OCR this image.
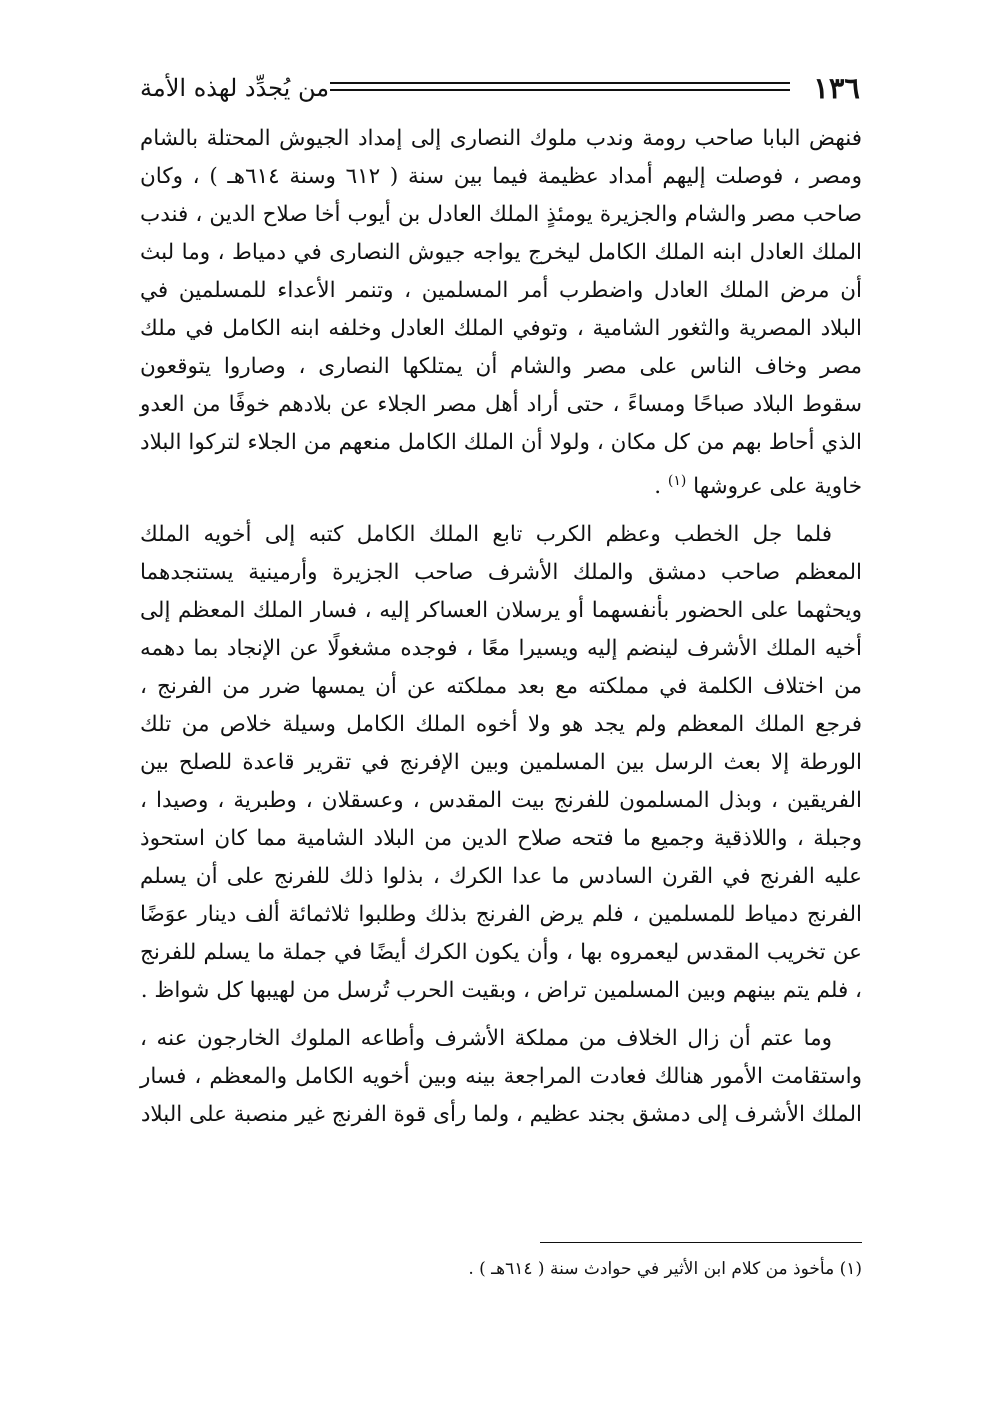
١٣٦
من يُجدِّد لهذه الأمة

فنهض البابا صاحب رومة وندب ملوك النصارى إلى إمداد الجيوش المحتلة بالشام ومصر ، فوصلت إليهم أمداد عظيمة فيما بين سنة ( ٦١٢ وسنة ٦١٤هـ ) ، وكان صاحب مصر والشام والجزيرة يومئذٍ الملك العادل بن أيوب أخا صلاح الدين ، فندب الملك العادل ابنه الملك الكامل ليخرج يواجه جيوش النصارى في دمياط ، وما لبث أن مرض الملك العادل واضطرب أمر المسلمين ، وتنمر الأعداء للمسلمين في البلاد المصرية والثغور الشامية ، وتوفي الملك العادل وخلفه ابنه الكامل في ملك مصر وخاف الناس على مصر والشام أن يمتلكها النصارى ، وصاروا يتوقعون سقوط البلاد صباحًا ومساءً ، حتى أراد أهل مصر الجلاء عن بلادهم خوفًا من العدو الذي أحاط بهم من كل مكان ، ولولا أن الملك الكامل منعهم من الجلاء لتركوا البلاد خاوية على عروشها $^{(١)}$ .

فلما جل الخطب وعظم الكرب تابع الملك الكامل كتبه إلى أخويه الملك المعظم صاحب دمشق والملك الأشرف صاحب الجزيرة وأرمينية يستنجدهما ويحثهما على الحضور بأنفسهما أو يرسلان العساكر إليه ، فسار الملك المعظم إلى أخيه الملك الأشرف لينضم إليه ويسيرا معًا ، فوجده مشغولًا عن الإنجاد بما دهمه من اختلاف الكلمة في مملكته مع بعد مملكته عن أن يمسها ضرر من الفرنج ، فرجع الملك المعظم ولم يجد هو ولا أخوه الملك الكامل وسيلة خلاص من تلك الورطة إلا بعث الرسل بين المسلمين وبين الإفرنج في تقرير قاعدة للصلح بين الفريقين ، وبذل المسلمون للفرنج بيت المقدس ، وعسقلان ، وطبرية ، وصيدا ، وجبلة ، واللاذقية وجميع ما فتحه صلاح الدين من البلاد الشامية مما كان استحوذ عليه الفرنج في القرن السادس ما عدا الكرك ، بذلوا ذلك للفرنج على أن يسلم الفرنج دمياط للمسلمين ، فلم يرض الفرنج بذلك وطلبوا ثلاثمائة ألف دينار عوَضًا عن تخريب المقدس ليعمروه بها ، وأن يكون الكرك أيضًا في جملة ما يسلم للفرنج ، فلم يتم بينهم وبين المسلمين تراض ، وبقيت الحرب تُرسل من لهيبها كل شواظ .

وما عتم أن زال الخلاف من مملكة الأشرف وأطاعه الملوك الخارجون عنه ، واستقامت الأمور هنالك فعادت المراجعة بينه وبين أخويه الكامل والمعظم ، فسار الملك الأشرف إلى دمشق بجند عظيم ، ولما رأى قوة الفرنج غير منصبة على البلاد

(١) مأخوذ من كلام ابن الأثير في حوادث سنة ( ٦١٤هـ ) .
